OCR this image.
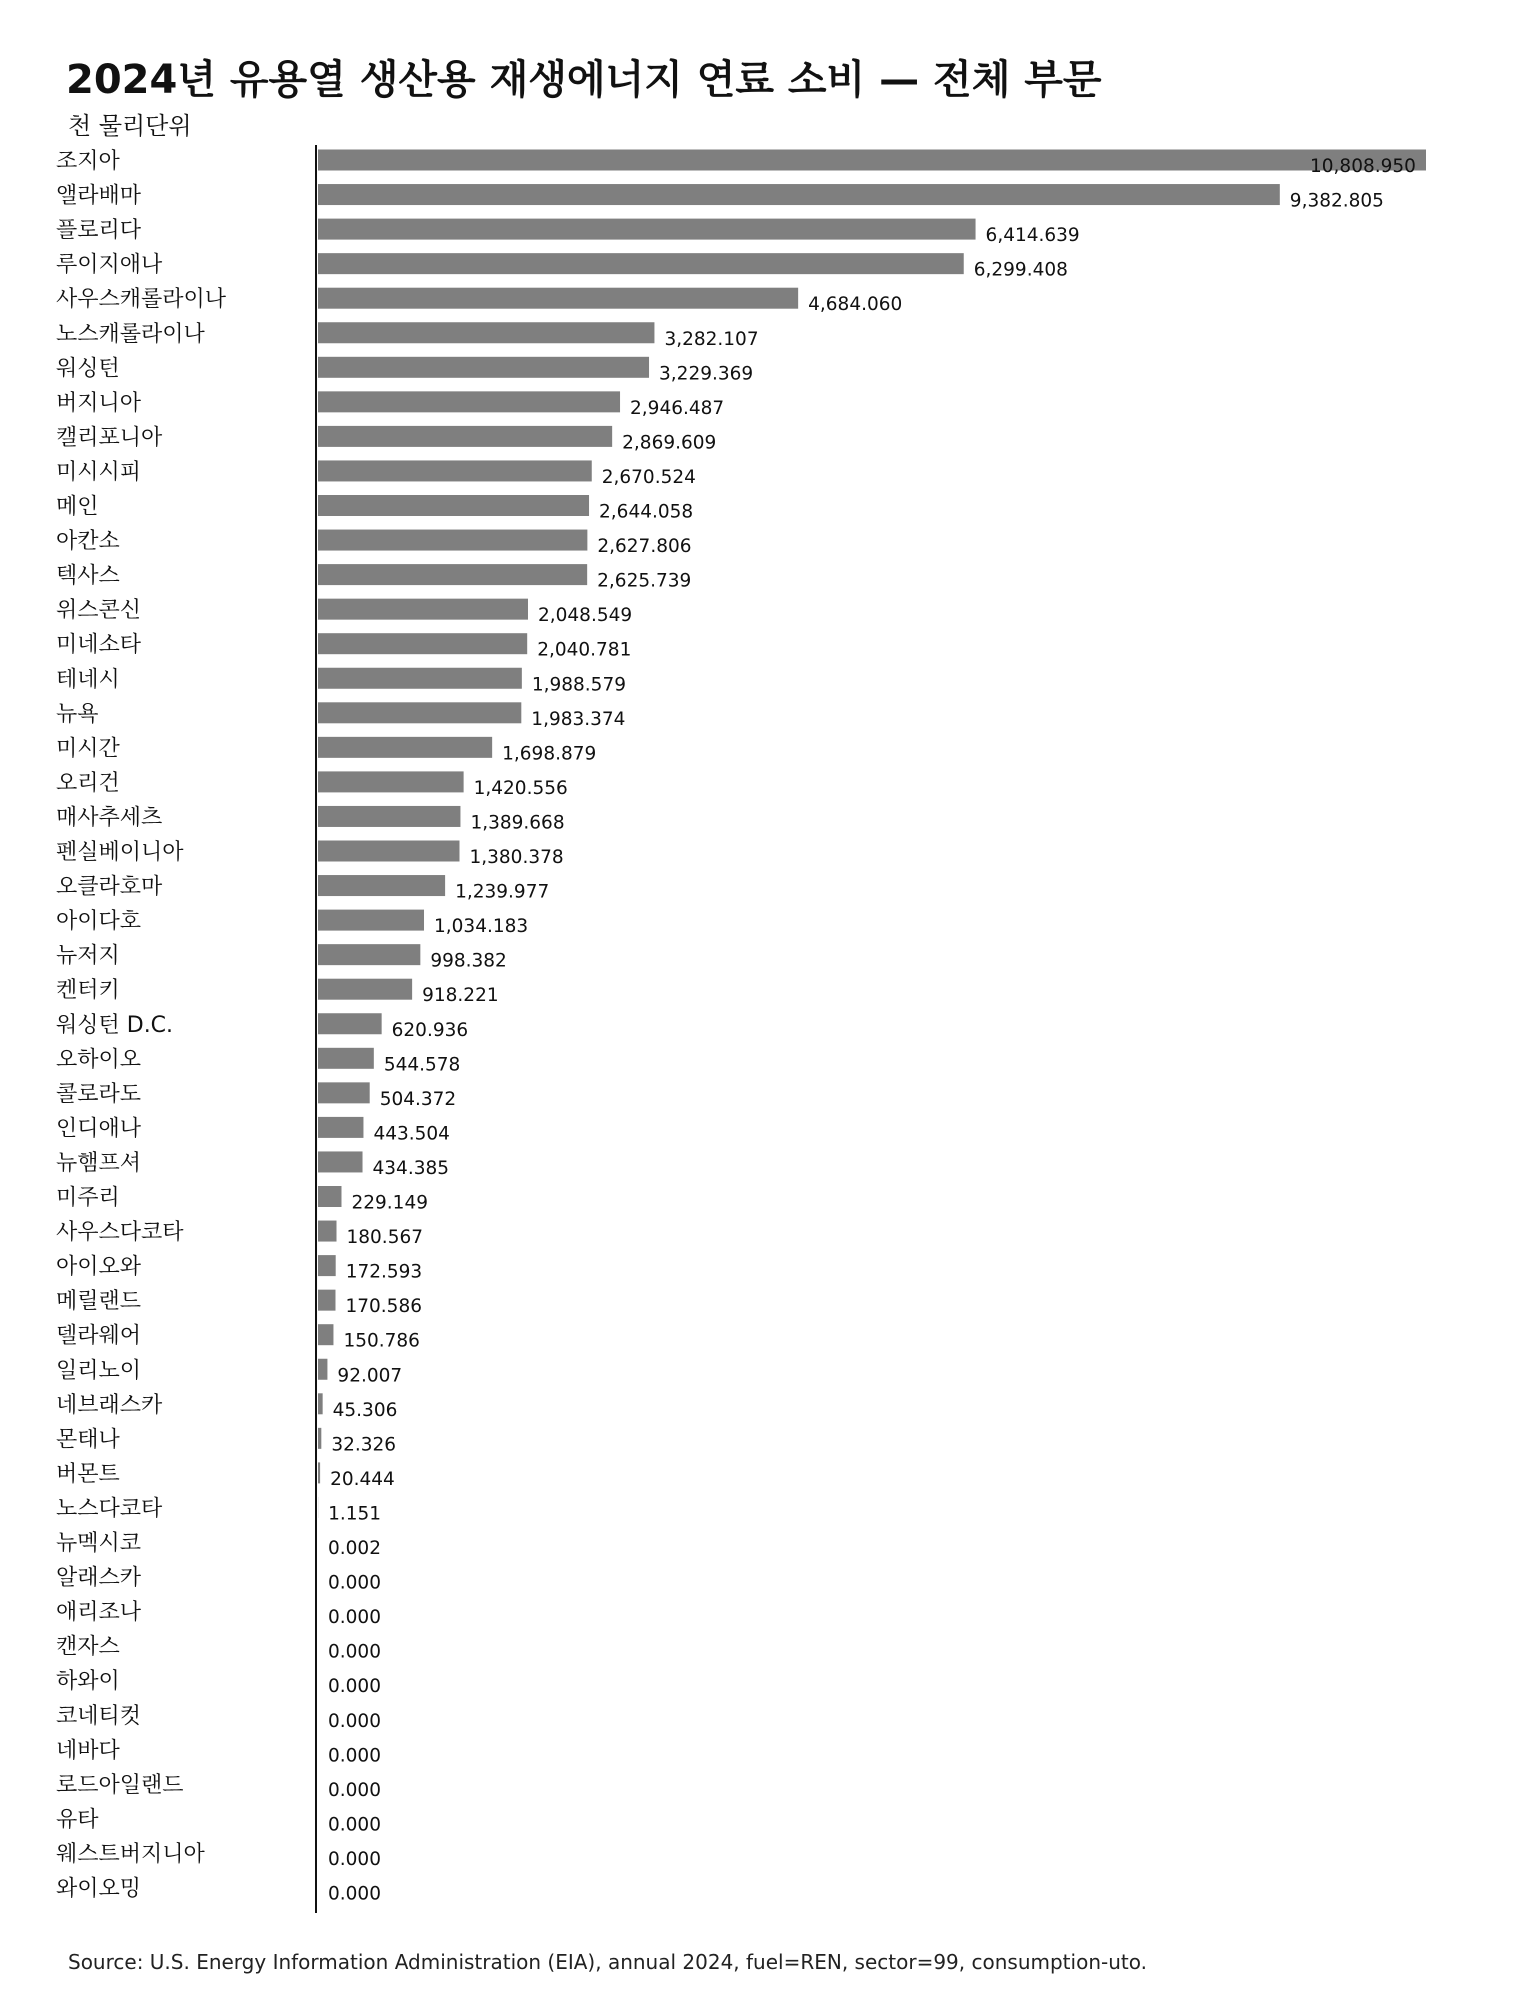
2024년 유용열 생산용 재생에너지 연료 소비 — 전체 부문
천 물리단위
조지아	10,808.950
앨라배마	9,382.805
플로리다	6,414.639
루이지애나	6,299.408
사우스캐롤라이나	4,684.060
노스캐롤라이나	3,282.107
워싱턴	3,229.369
버지니아	2,946.487
캘리포니아	2,869.609
미시시피	2,670.524
메인	2,644.058
아칸소	2,627.806
텍사스	2,625.739
위스콘신	2,048.549
미네소타	2,040.781
테네시	1,988.579
뉴욕	1,983.374
미시간	1,698.879
오리건	1,420.556
매사추세츠	1,389.668
펜실베이니아	1,380.378
오클라호마	1,239.977
아이다호	1,034.183
뉴저지	998.382
켄터키	918.221
워싱턴 D.C.	620.936
오하이오	544.578
콜로라도	504.372
인디애나	443.504
뉴햄프셔	434.385
미주리	229.149
사우스다코타	180.567
아이오와	172.593
메릴랜드	170.586
델라웨어	150.786
일리노이	92.007
네브래스카	45.306
몬태나	32.326
버몬트	20.444
노스다코타	1.151
뉴멕시코	0.002
알래스카	0.000
애리조나	0.000
캔자스	0.000
하와이	0.000
코네티컷	0.000
네바다	0.000
로드아일랜드	0.000
유타	0.000
웨스트버지니아	0.000
와이오밍	0.000
Source: U.S. Energy Information Administration (EIA), annual 2024, fuel=REN, sector=99, consumption-uto.
